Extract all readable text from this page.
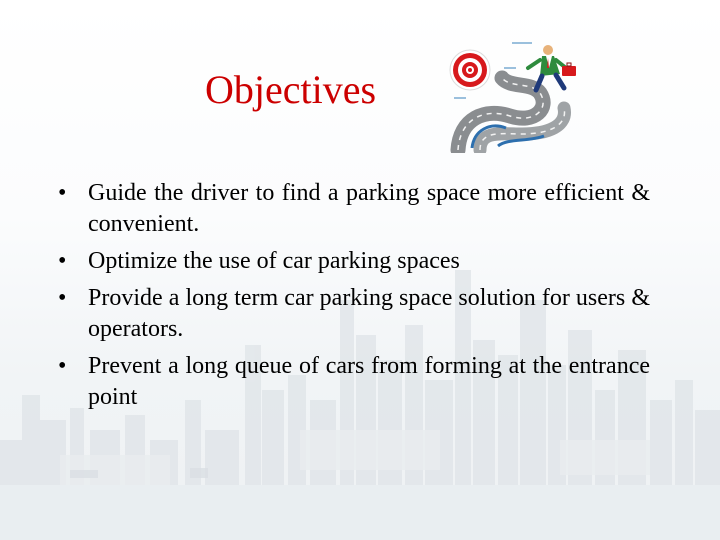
Objectives
• Guide the driver to find a parking space more efficient & convenient.
• Optimize the use of car parking spaces
• Provide a long term car parking space solution for users & operators.
• Prevent a long queue of cars from forming at the entrance point
